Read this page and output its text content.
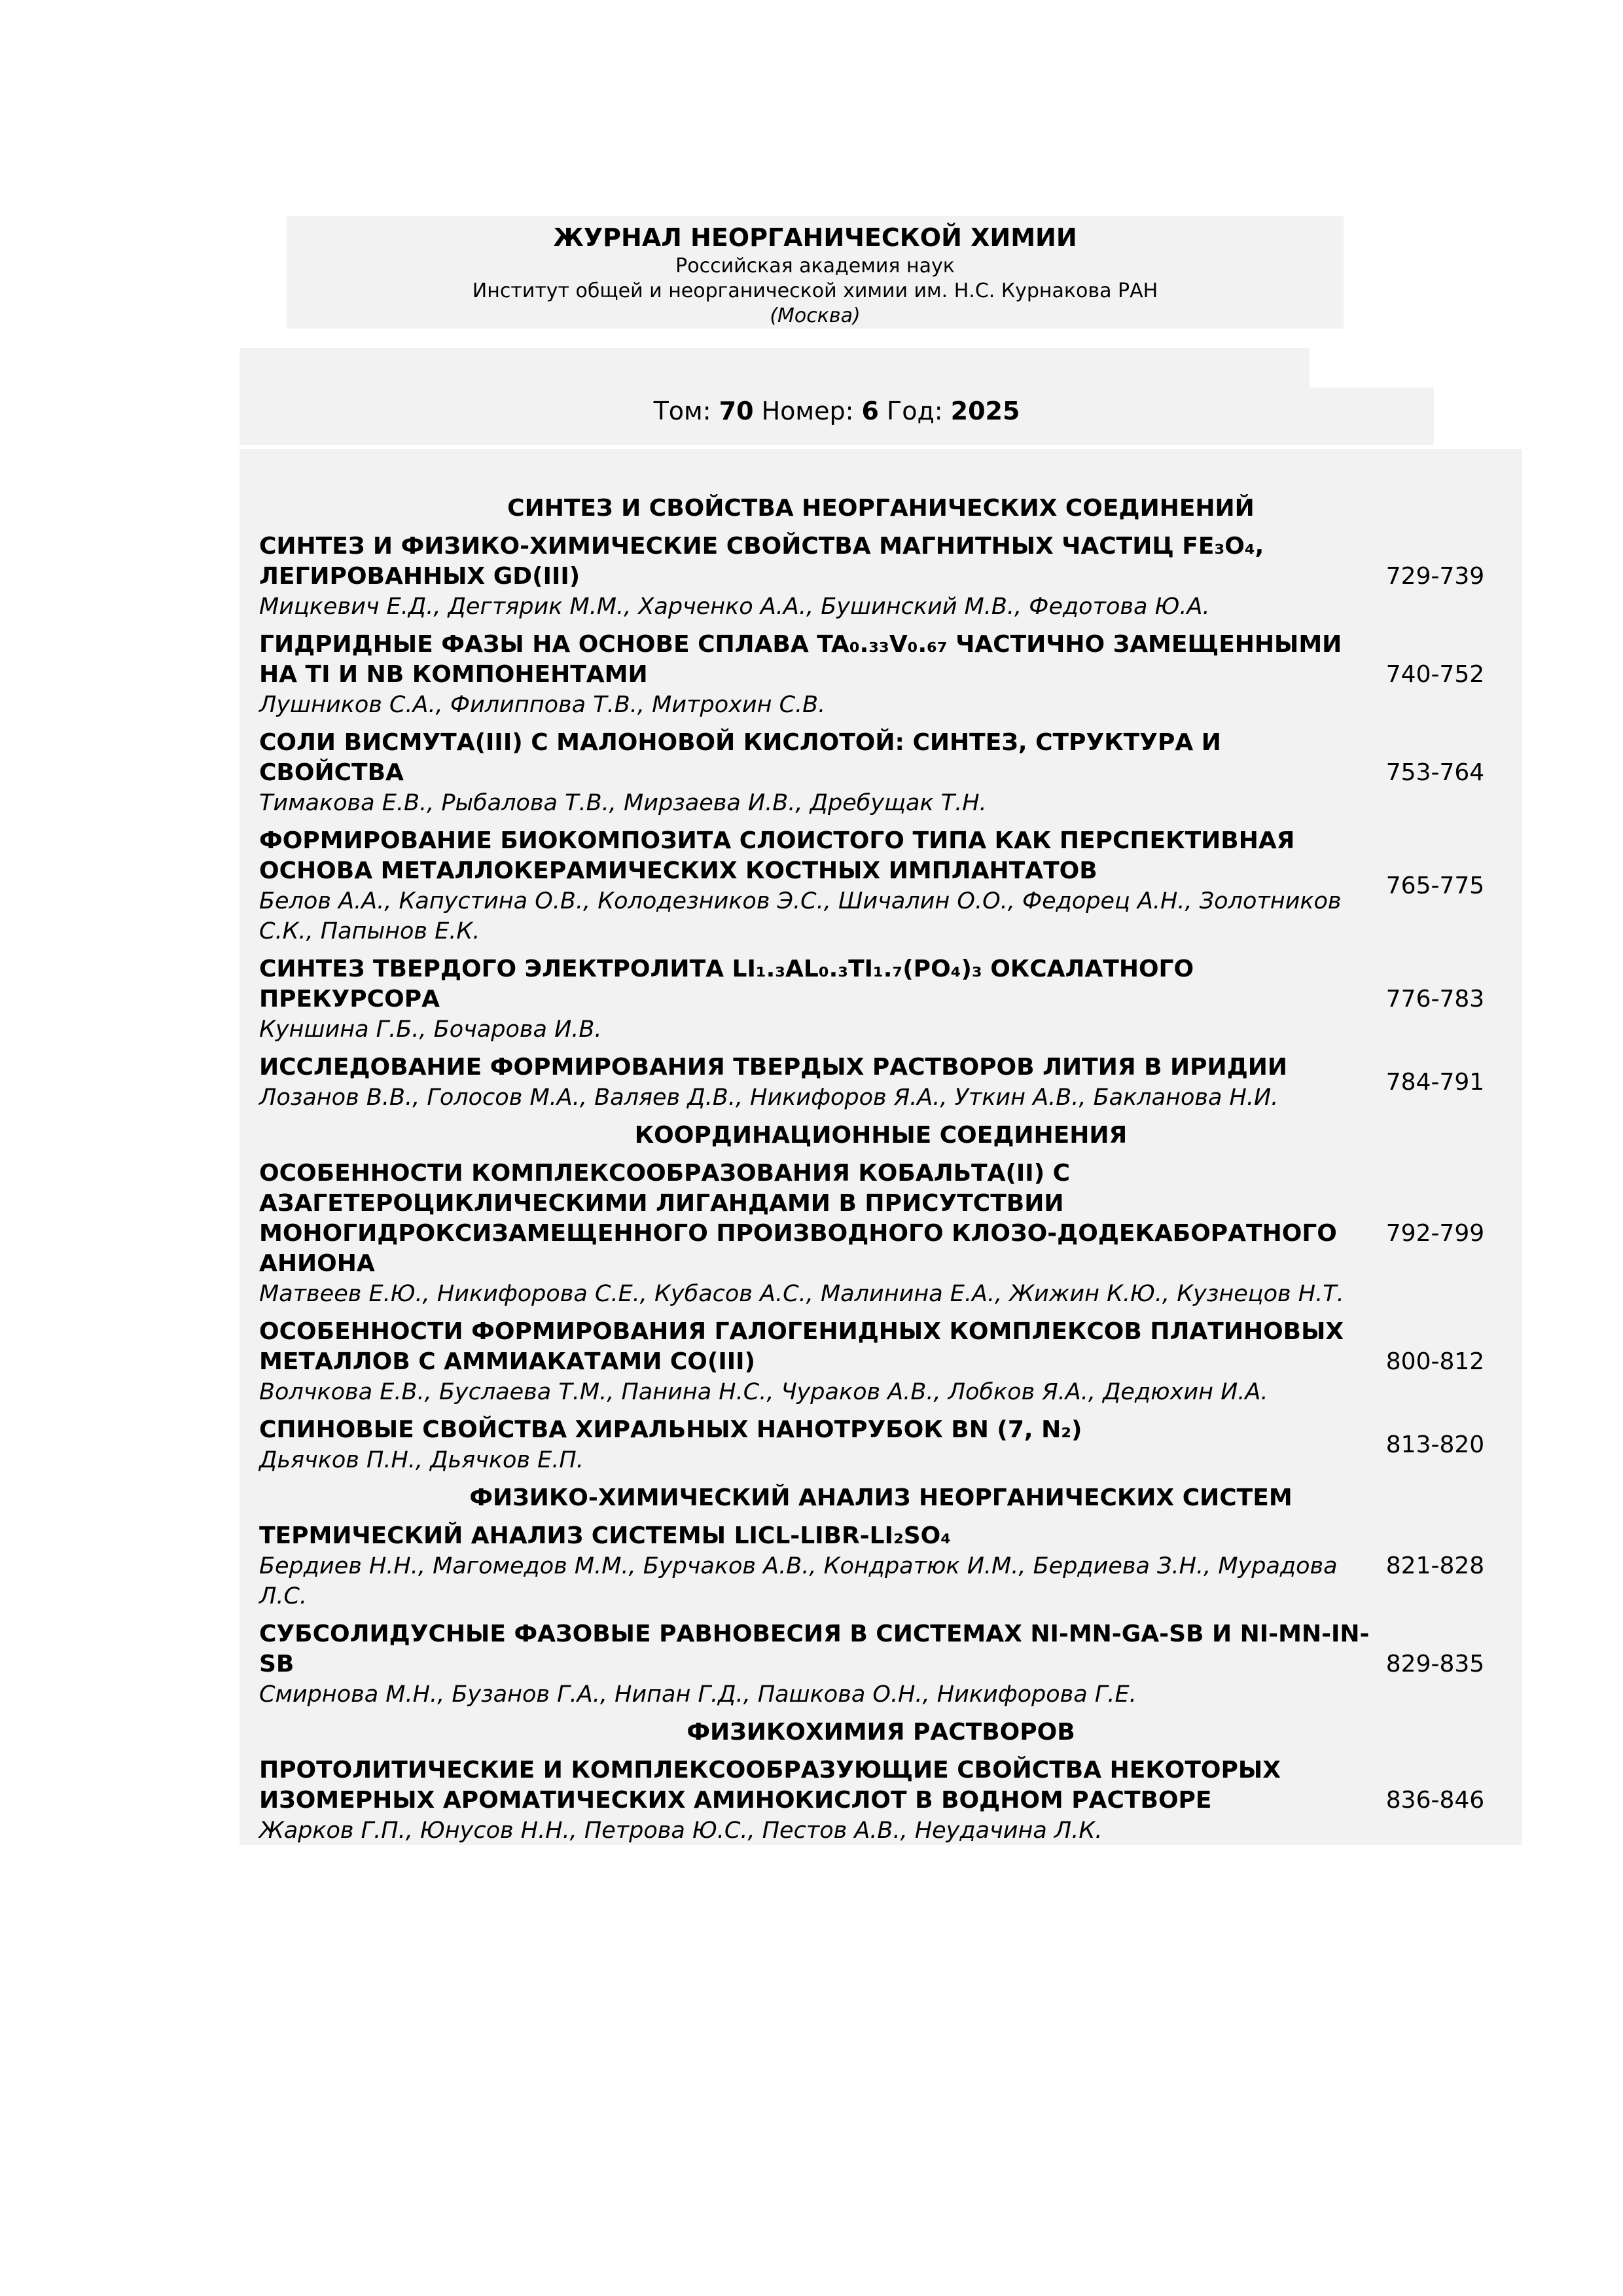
ЖУРНАЛ НЕОРГАНИЧЕСКОЙ ХИМИИ
Российская академия наук
Институт общей и неорганической химии им. Н.С. Курнакова РАН
(Москва)
Том: 70 Номер: 6 Год: 2025
СИНТЕЗ И СВОЙСТВА НЕОРГАНИЧЕСКИХ СОЕДИНЕНИЙ
СИНТЕЗ И ФИЗИКО-ХИМИЧЕСКИЕ СВОЙСТВА МАГНИТНЫХ ЧАСТИЦ FE₃O₄, ЛЕГИРОВАННЫХ GD(III)
Мицкевич Е.Д., Дегтярик М.М., Харченко А.А., Бушинский М.В., Федотова Ю.А.
729-739
ГИДРИДНЫЕ ФАЗЫ НА ОСНОВЕ СПЛАВА TA₀.₃₃V₀.₆₇ ЧАСТИЧНО ЗАМЕЩЕННЫМИ НА TI И NB КОМПОНЕНТАМИ
Лушников С.А., Филиппова Т.В., Митрохин С.В.
740-752
СОЛИ ВИСМУТА(III) С МАЛОНОВОЙ КИСЛОТОЙ: СИНТЕЗ, СТРУКТУРА И СВОЙСТВА
Тимакова Е.В., Рыбалова Т.В., Мирзаева И.В., Дребущак Т.Н.
753-764
ФОРМИРОВАНИЕ БИОКОМПОЗИТА СЛОИСТОГО ТИПА КАК ПЕРСПЕКТИВНАЯ ОСНОВА МЕТАЛЛОКЕРАМИЧЕСКИХ КОСТНЫХ ИМПЛАНТАТОВ
Белов А.А., Капустина О.В., Колодезников Э.С., Шичалин О.О., Федорец А.Н., Золотников С.К., Папынов Е.К.
765-775
СИНТЕЗ ТВЕРДОГО ЭЛЕКТРОЛИТА LI₁.₃AL₀.₃TI₁.₇(PO₄)₃ ОКСАЛАТНОГО ПРЕКУРСОРА
Куншина Г.Б., Бочарова И.В.
776-783
ИССЛЕДОВАНИЕ ФОРМИРОВАНИЯ ТВЕРДЫХ РАСТВОРОВ ЛИТИЯ В ИРИДИИ
Лозанов В.В., Голосов М.А., Валяев Д.В., Никифоров Я.А., Уткин А.В., Бакланова Н.И.
784-791
КООРДИНАЦИОННЫЕ СОЕДИНЕНИЯ
ОСОБЕННОСТИ КОМПЛЕКСООБРАЗОВАНИЯ КОБАЛЬТА(II) С АЗАГЕТЕРОЦИКЛИЧЕСКИМИ ЛИГАНДАМИ В ПРИСУТСТВИИ МОНОГИДРОКСИЗАМЕЩЕННОГО ПРОИЗВОДНОГО КЛОЗО-ДОДЕКАБОРАТНОГО АНИОНА
Матвеев Е.Ю., Никифорова С.Е., Кубасов А.С., Малинина Е.А., Жижин К.Ю., Кузнецов Н.Т.
792-799
ОСОБЕННОСТИ ФОРМИРОВАНИЯ ГАЛОГЕНИДНЫХ КОМПЛЕКСОВ ПЛАТИНОВЫХ МЕТАЛЛОВ С АММИАКАТАМИ CO(III)
Волчкова Е.В., Буслаева Т.М., Панина Н.С., Чураков А.В., Лобков Я.А., Дедюхин И.А.
800-812
СПИНОВЫЕ СВОЙСТВА ХИРАЛЬНЫХ НАНОТРУБОК BN (7, N₂)
Дьячков П.Н., Дьячков Е.П.
813-820
ФИЗИКО-ХИМИЧЕСКИЙ АНАЛИЗ НЕОРГАНИЧЕСКИХ СИСТЕМ
ТЕРМИЧЕСКИЙ АНАЛИЗ СИСТЕМЫ LICL-LIBR-LI₂SO₄
Бердиев Н.Н., Магомедов М.М., Бурчаков А.В., Кондратюк И.М., Бердиева З.Н., Мурадова Л.С.
821-828
СУБСОЛИДУСНЫЕ ФАЗОВЫЕ РАВНОВЕСИЯ В СИСТЕМАХ NI-MN-GA-SB И NI-MN-IN-SB
Смирнова М.Н., Бузанов Г.А., Нипан Г.Д., Пашкова О.Н., Никифорова Г.Е.
829-835
ФИЗИКОХИМИЯ РАСТВОРОВ
ПРОТОЛИТИЧЕСКИЕ И КОМПЛЕКСООБРАЗУЮЩИЕ СВОЙСТВА НЕКОТОРЫХ ИЗОМЕРНЫХ АРОМАТИЧЕСКИХ АМИНОКИСЛОТ В ВОДНОМ РАСТВОРЕ
Жарков Г.П., Юнусов Н.Н., Петрова Ю.С., Пестов А.В., Неудачина Л.К.
836-846
